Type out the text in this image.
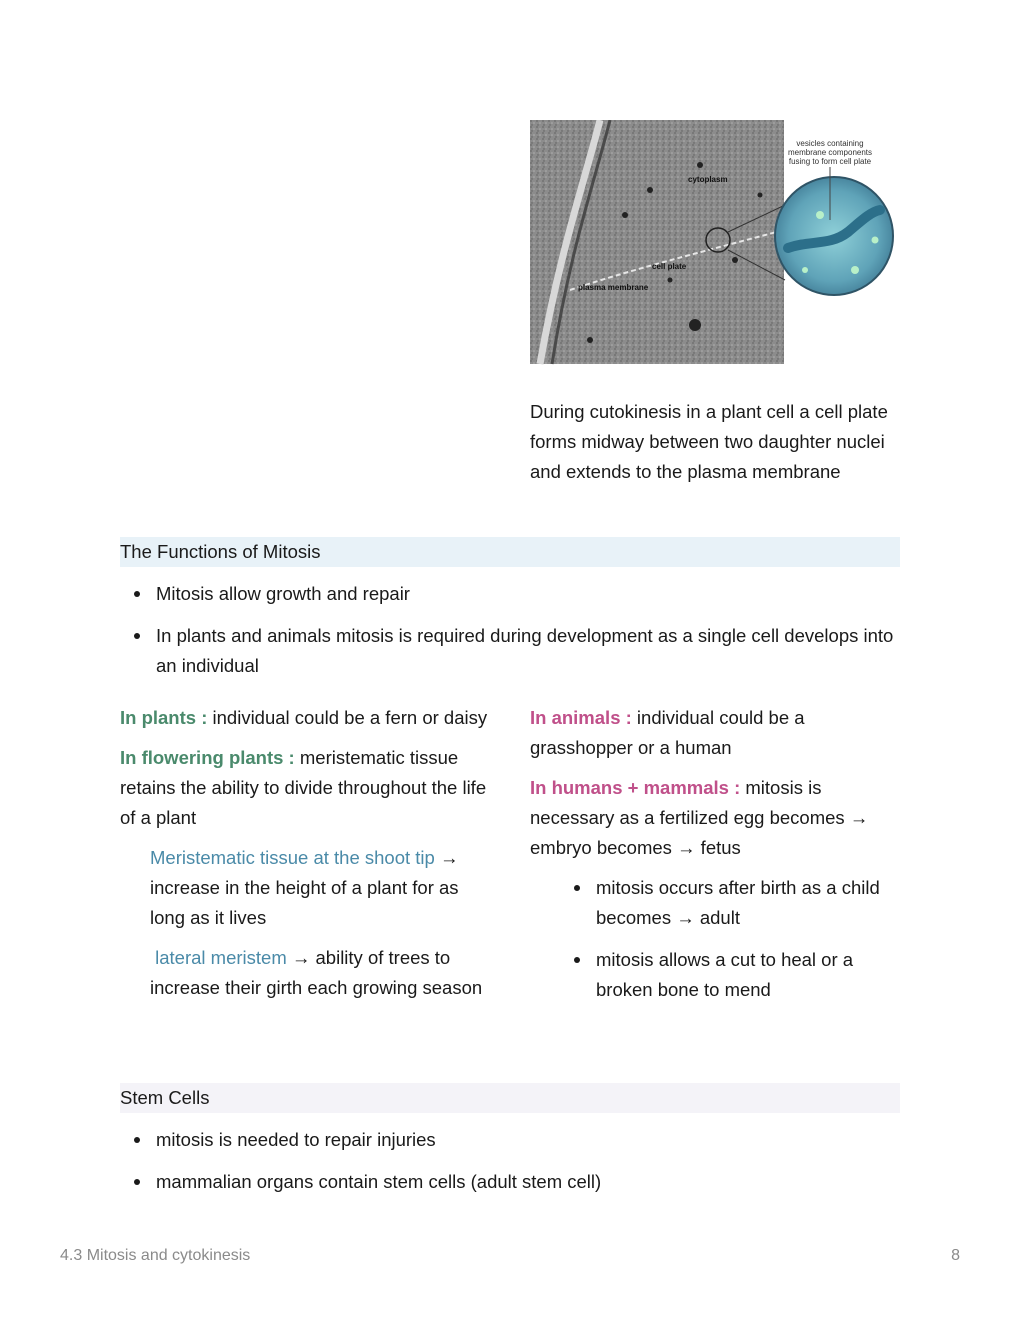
vesicles containing
membrane components
fusing to form cell plate
cytoplasm
cell plate
plasma membrane
During cutokinesis in a plant cell a cell plate forms midway between two daughter nuclei and extends to the plasma membrane
The Functions of Mitosis
Mitosis allow growth and repair
In plants and animals mitosis is required during development as a single cell develops into an individual

In plants : individual could be a fern or daisy

In flowering plants : meristematic tissue retains the ability to divide throughout the life of a plant

Meristematic tissue at the shoot tip → increase in the height of a plant for as long as it lives

lateral meristem → ability of trees to increase their girth each growing season

In animals : individual could be a grasshopper or a human

In humans + mammals : mitosis is necessary as a fertilized egg becomes → embryo becomes → fetus

mitosis occurs after birth as a child becomes → adult
mitosis allows a cut to heal or a broken bone to mend
Stem Cells
mitosis is needed to repair injuries
mammalian organs contain stem cells (adult stem cell)
4.3 Mitosis and cytokinesis	8
